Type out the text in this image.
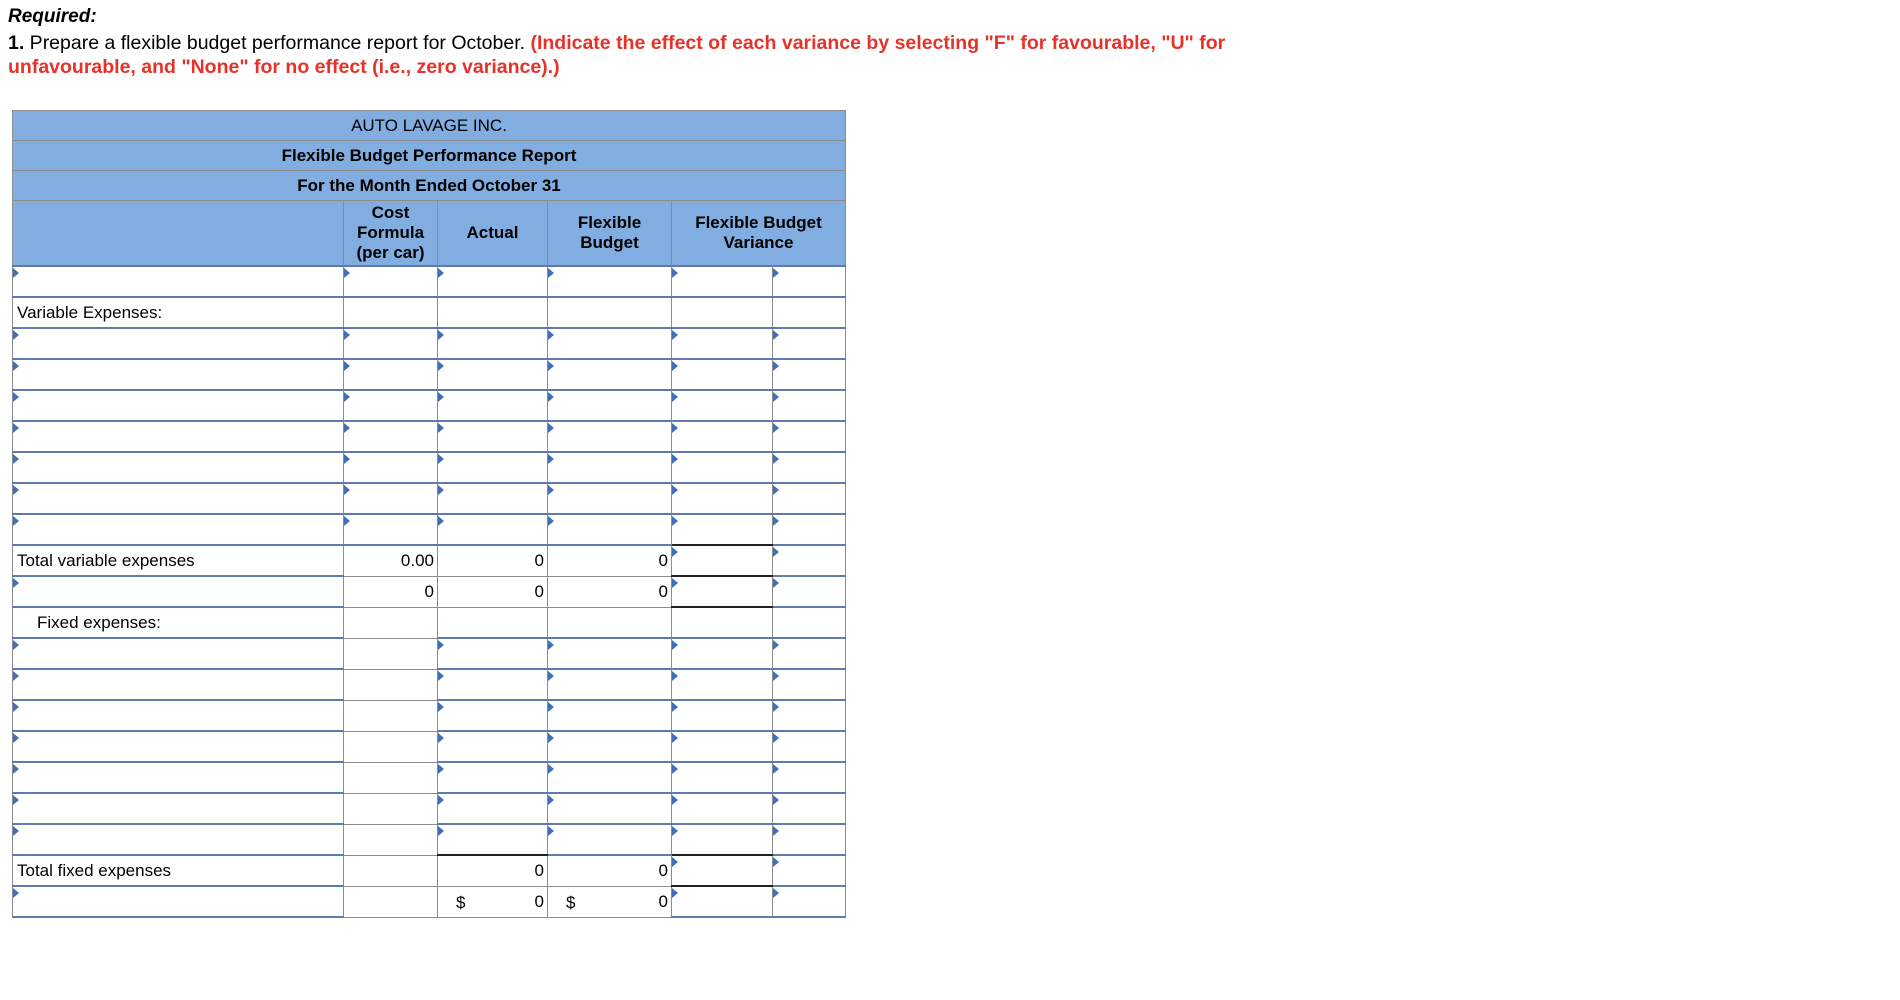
Required:

1. Prepare a flexible budget performance report for October. (Indicate the effect of each variance by selecting "F" for favourable, "U" for unfavourable, and "None" for no effect (i.e., zero variance).)

AUTO LAVAGE INC.					
Flexible Budget Performance Report					
For the Month Ended October 31					
	Cost Formula (per car)	Actual	Flexible Budget	Flexible Budget Variance	

Variable Expenses:					

Total variable expenses	0.00	0	0		
	0	0	0		
Fixed expenses:					

Total fixed expenses		0	0		

		$ 0	$ 0		
